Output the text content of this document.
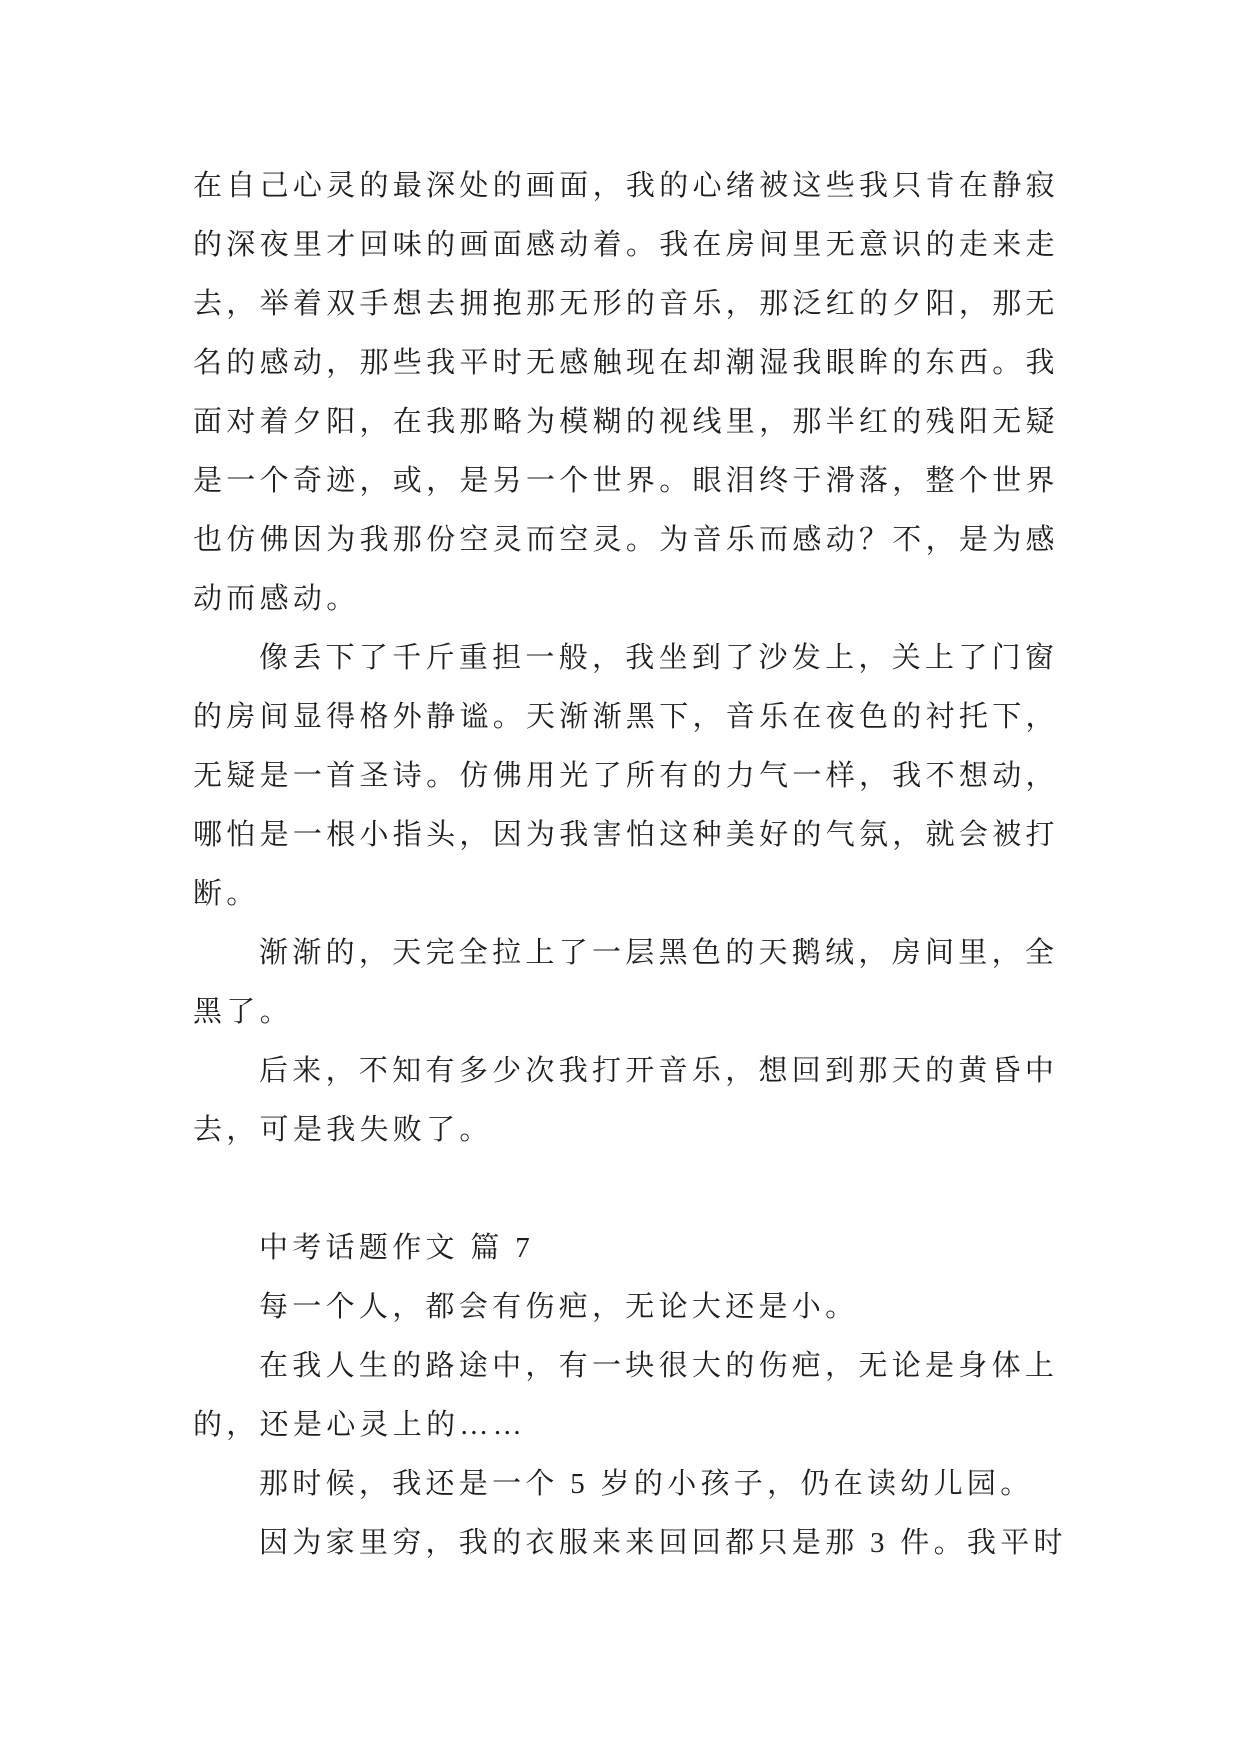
在自己心灵的最深处的画面，我的心绪被这些我只肯在静寂
的深夜里才回味的画面感动着。我在房间里无意识的走来走
去，举着双手想去拥抱那无形的音乐，那泛红的夕阳，那无
名的感动，那些我平时无感触现在却潮湿我眼眸的东西。我
面对着夕阳，在我那略为模糊的视线里，那半红的残阳无疑
是一个奇迹，或，是另一个世界。眼泪终于滑落，整个世界
也仿佛因为我那份空灵而空灵。为音乐而感动？不，是为感
动而感动。
像丢下了千斤重担一般，我坐到了沙发上，关上了门窗
的房间显得格外静谧。天渐渐黑下，音乐在夜色的衬托下，
无疑是一首圣诗。仿佛用光了所有的力气一样，我不想动，
哪怕是一根小指头，因为我害怕这种美好的气氛，就会被打
断。
渐渐的，天完全拉上了一层黑色的天鹅绒，房间里，全
黑了。
后来，不知有多少次我打开音乐，想回到那天的黄昏中
去，可是我失败了。
中考话题作文 篇 7
每一个人，都会有伤疤，无论大还是小。
在我人生的路途中，有一块很大的伤疤，无论是身体上
的，还是心灵上的……
那时候，我还是一个 5 岁的小孩子，仍在读幼儿园。
因为家里穷，我的衣服来来回回都只是那 3 件。我平时
